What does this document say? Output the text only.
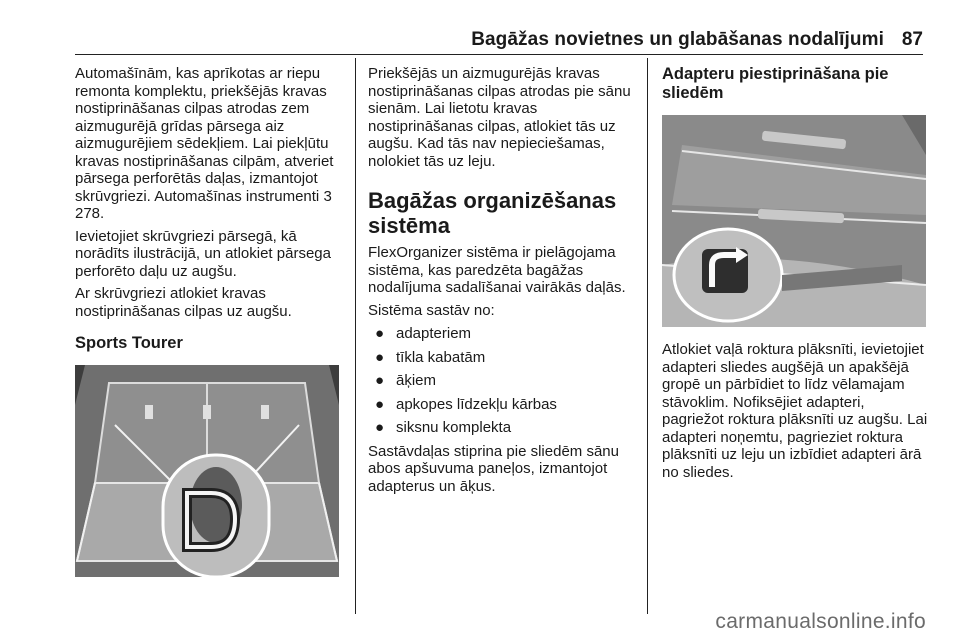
Bagāžas novietnes un glabāšanas nodalījumi 87

Automašīnām, kas aprīkotas ar riepu remonta komplektu, priekšējās kravas nostiprināšanas cilpas atrodas zem aizmugurējā grīdas pārsega aiz aizmugurējiem sēdekļiem. Lai piekļūtu kravas nostiprināšanas cilpām, atveriet pārsega perforētās daļas, izmantojot skrūvgriezi. Automašīnas instrumenti 3 278.

Ievietojiet skrūvgriezi pārsegā, kā norādīts ilustrācijā, un atlokiet pārsega perforēto daļu uz augšu.

Ar skrūvgriezi atlokiet kravas nostiprināšanas cilpas uz augšu.

Sports Tourer

Priekšējās un aizmugurējās kravas nostiprināšanas cilpas atrodas pie sānu sienām. Lai lietotu kravas nostiprināšanas cilpas, atlokiet tās uz augšu. Kad tās nav nepieciešamas, nolokiet tās uz leju.

Bagāžas organizēšanas sistēma

FlexOrganizer sistēma ir pielāgojama sistēma, kas paredzēta bagāžas nodalījuma sadalīšanai vairākās daļās.

Sistēma sastāv no:

● adapteriem
● tīkla kabatām
● āķiem
● apkopes līdzekļu kārbas
● siksnu komplekta

Sastāvdaļas stiprina pie sliedēm sānu abos apšuvuma paneļos, izmantojot adapterus un āķus.

Adapteru piestiprināšana pie sliedēm

Atlokiet vaļā roktura plāksnīti, ievietojiet adapteri sliedes augšējā un apakšējā gropē un pārbīdiet to līdz vēlamajam stāvoklim. Nofiksējiet adapteri, pagriežot roktura plāksnīti uz augšu. Lai adapteri noņemtu, pagrieziet roktura plāksnīti uz leju un izbīdiet adapteri ārā no sliedes.

carmanualsonline.info
